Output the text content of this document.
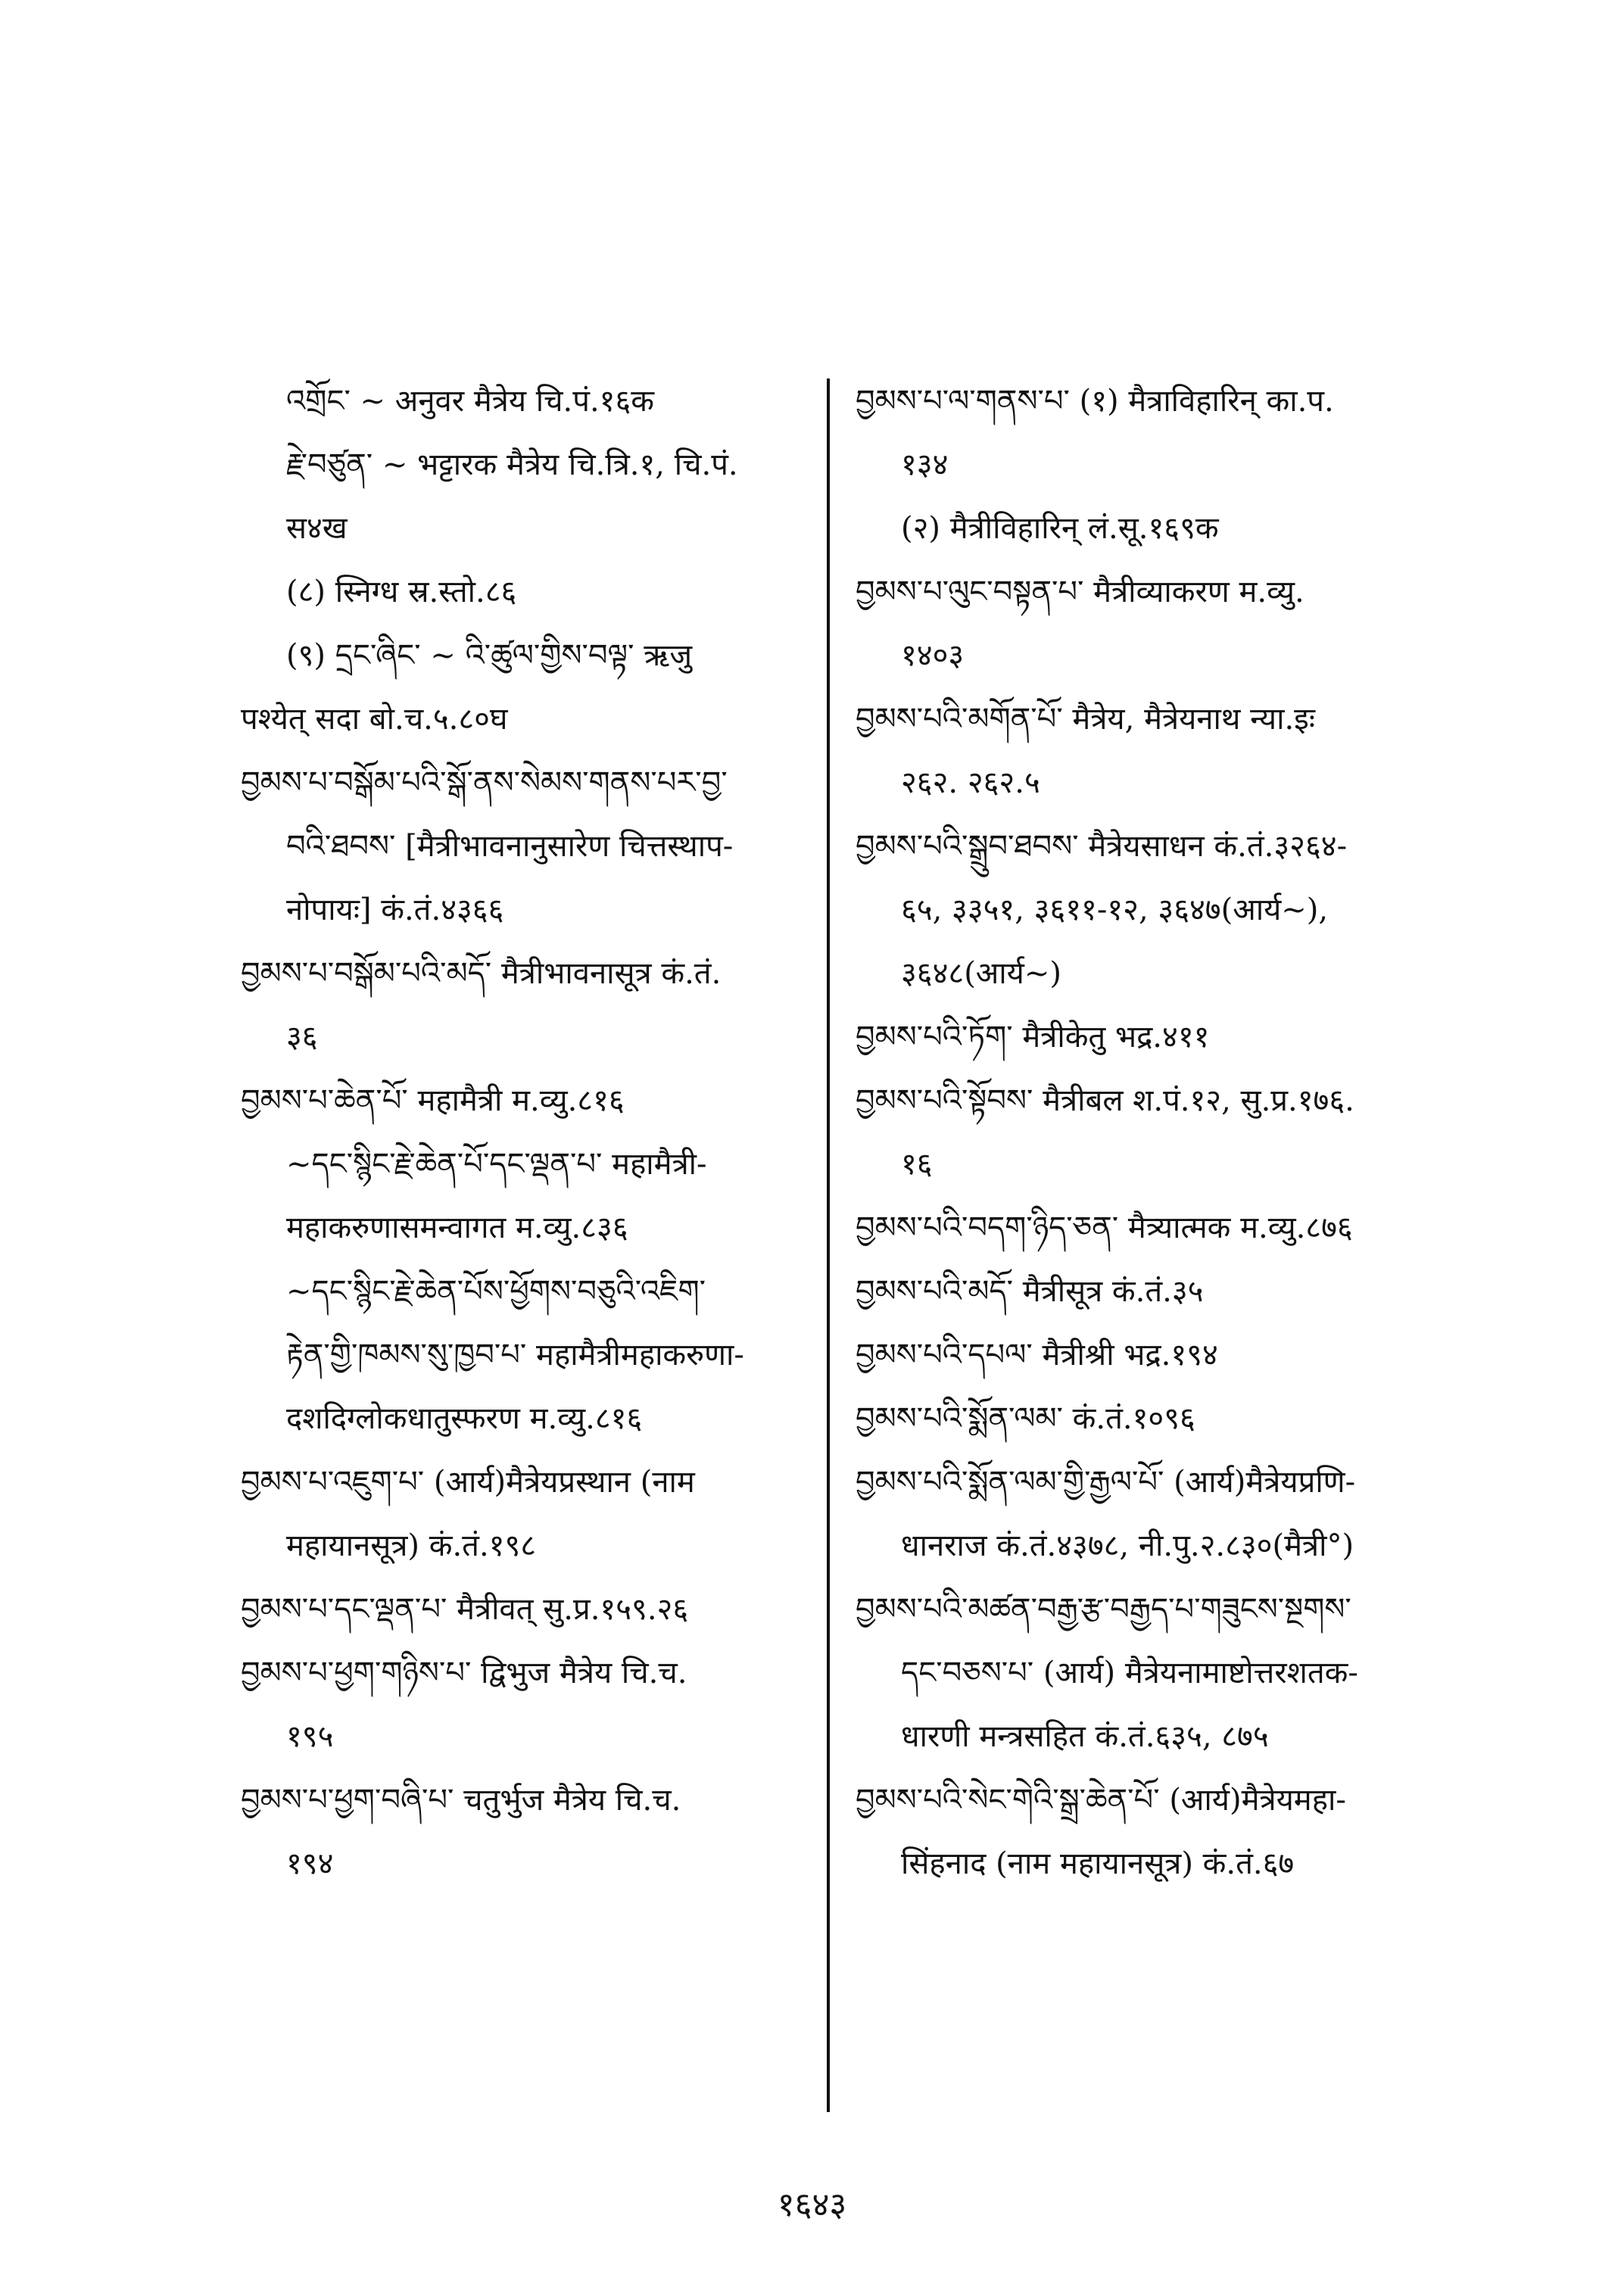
འགྲོང་ ~ अनुवर मैत्रेय चि.पं.१६क
རྗེ་བཙུན་ ~ भट्टारक मैत्रेय चि.त्रि.१, चि.पं.
स४ख
(८) स्निग्ध स्र.स्तो.८६
(९) དྲང་ཞིང་ ~ འི་ཚུལ་གྱིས་བལྟ་ ऋजु
पश्येत् सदा बो.च.५.८०घ
བྱམས་པ་བསྒོམ་པའི་སྒོ་ནས་སེམས་གནས་པར་བྱ་
བའི་ཐབས་ [मैत्रीभावनानुसारेण चित्तस्थाप-
नोपायः] कं.तं.४३६६
བྱམས་པ་བསྒོམ་པའི་མདོ་ मैत्रीभावनासूत्र कं.तं.
३६
བྱམས་པ་ཆེན་པོ་ महामैत्री म.व्यु.८१६
~དང་སྙིང་རྗེ་ཆེན་པོ་དང་ལྡན་པ་ महामैत्री-
महाकरुणासमन्वागत म.व्यु.८३६
~དང་སྙིང་རྗེ་ཆེན་པོས་ཕྱོགས་བཅུའི་འཇིག་
རྟེན་གྱི་ཁམས་སུ་ཁྱབ་པ་ महामैत्रीमहाकरुणा-
दशदिग्लोकधातुस्फरण म.व्यु.८१६
བྱམས་པ་འཇུག་པ་ (आर्य)मैत्रेयप्रस्थान (नाम
महायानसूत्र) कं.तं.१९८
བྱམས་པ་དང་ལྡན་པ་ मैत्रीवत् सु.प्र.१५९.२६
བྱམས་པ་ཕྱག་གཉིས་པ་ द्विभुज मैत्रेय चि.च.
१९५
བྱམས་པ་ཕྱག་བཞི་པ་ चतुर्भुज मैत्रेय चि.च.
१९४
བྱམས་པ་ལ་གནས་པ་ (१) मैत्राविहारिन् का.प.
१३४
(२) मैत्रीविहारिन् लं.सू.१६९क
བྱམས་པ་ལུང་བསྟན་པ་ मैत्रीव्याकरण म.व्यु.
१४०३
བྱམས་པའི་མགོན་པོ་ मैत्रेय, मैत्रेयनाथ न्या.इः
२६२. २६२.५
བྱམས་པའི་སྒྲུབ་ཐབས་ मैत्रेयसाधन कं.तं.३२६४-
६५, ३३५१, ३६११-१२, ३६४७(आर्य~),
३६४८(आर्य~)
བྱམས་པའི་ཏོག་ मैत्रीकेतु भद्र.४११
བྱམས་པའི་སྟོབས་ मैत्रीबल श.पं.१२, सु.प्र.१७६.
१६
བྱམས་པའི་བདག་ཉིད་ཅན་ मैत्र्यात्मक म.व्यु.८७६
བྱམས་པའི་མདོ་ मैत्रीसूत्र कं.तं.३५
བྱམས་པའི་དཔལ་ मैत्रीश्री भद्र.१९४
བྱམས་པའི་སྨོན་ལམ་ कं.तं.१०९६
བྱམས་པའི་སྨོན་ལམ་གྱི་རྒྱལ་པོ་ (आर्य)मैत्रेयप्रणि-
धानराज कं.तं.४३७८, नी.पु.२.८३०(मैत्री°)
བྱམས་པའི་མཚན་བརྒྱ་རྩ་བརྒྱད་པ་གཟུངས་སྔགས་
དང་བཅས་པ་ (आर्य) मैत्रेयनामाष्टोत्तरशतक-
धारणी मन्त्रसहित कं.तं.६३५, ८७५
བྱམས་པའི་སེང་གེའི་སྒྲ་ཆེན་པོ་ (आर्य)मैत्रेयमहा-
सिंहनाद (नाम महायानसूत्र) कं.तं.६७
१६४३
